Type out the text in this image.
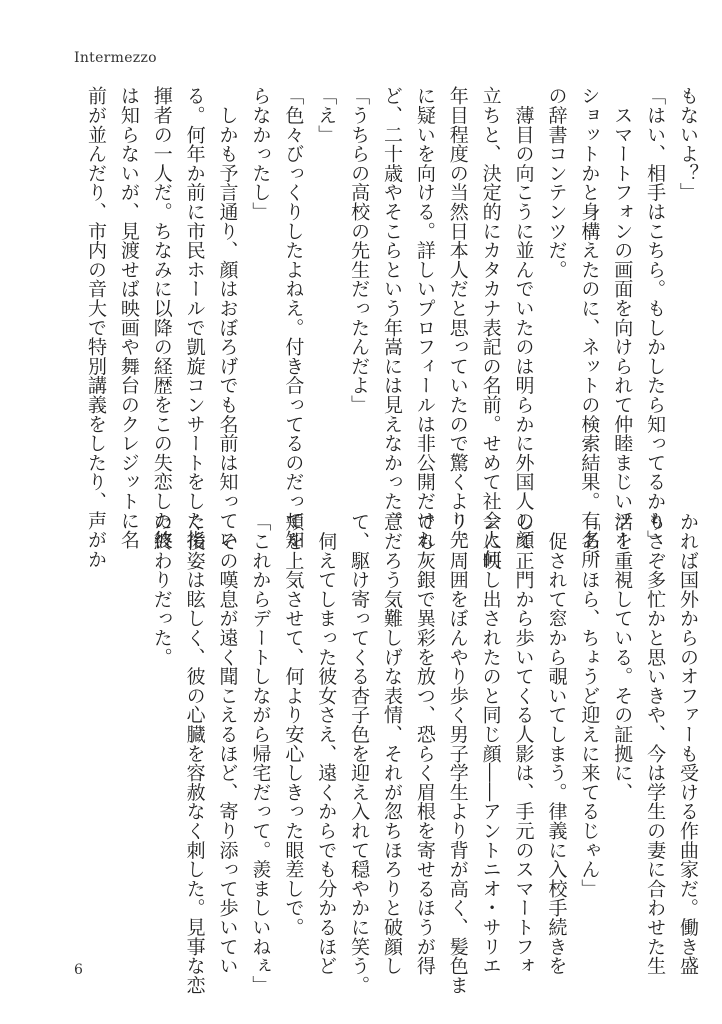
Intermezzo
もないよ？」
「はい、相手はこちら。もしかしたら知ってるかも」
　スマートフォンの画面を向けられて仲睦まじいツー
ショットかと身構えたのに、ネットの検索結果。有名所
の辞書コンテンツだ。
　薄目の向こうに並んでいたのは明らかに外国人の顔
立ちと、決定的にカタカナ表記の名前。せめて社会人何
年目程度の当然日本人だと思っていたので驚くより先
に疑いを向ける。詳しいプロフィールは非公開だけれ
ど、二十歳やそこらという年嵩には見えなかった。
「うちらの高校の先生だったんだよ」
「え」
「色々びっくりしたよねえ。付き合ってるのだって知
らなかったし」
　しかも予言通り、顔はおぼろげでも名前は知ってい
る。何年か前に市民ホールで凱旋コンサートをした指
揮者の一人だ。ちなみに以降の経歴をこの失恋した彼
は知らないが、見渡せば映画や舞台のクレジットに名
前が並んだり、市内の音大で特別講義をしたり、声がか
かれば国外からのオファーも受ける作曲家だ。働き盛
りさぞ多忙かと思いきや、今は学生の妻に合わせた生
活を重視している。その証拠に、
「あ、ほら、ちょうど迎えに来てるじゃん」
　促されて窓から覗いてしまう。律義に入校手続きを
して正門から歩いてくる人影は、手元のスマートフォ
ンに映し出されたのと同じ顔――アントニオ・サリエ
リ。周囲をぼんやり歩く男子学生より背が高く、髪色ま
でも灰銀で異彩を放つ、恐らく眉根を寄せるほうが得
意だろう気難しげな表情、それが忽ちほろりと破顔し
て、駆け寄ってくる杏子色を迎え入れて穏やかに笑う。
　伺えてしまった彼女さえ、遠くからでも分かるほど
頬を上気させて、何より安心しきった眼差しで。
「これからデートしながら帰宅だって。羨ましいねぇ」
　その嘆息が遠く聞こえるほど、寄り添って歩いてい
く後姿は眩しく、彼の心臓を容赦なく刺した。見事な恋
の終わりだった。
6
